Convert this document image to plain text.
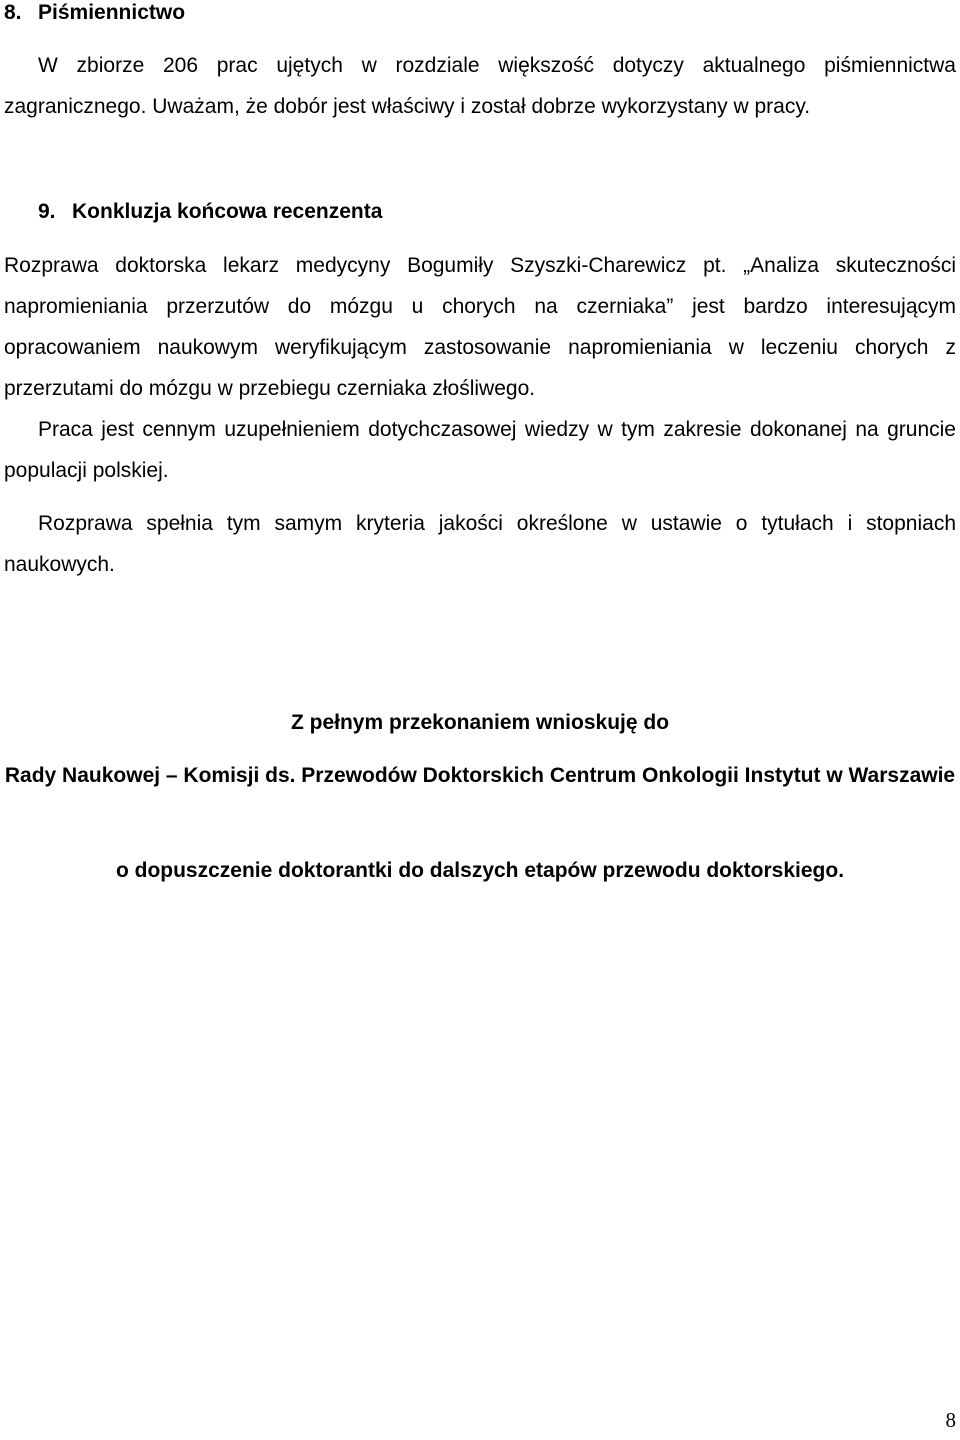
8. Piśmiennictwo

W zbiorze 206 prac ujętych w rozdziale większość dotyczy aktualnego piśmiennictwa zagranicznego. Uważam, że dobór jest właściwy i został dobrze wykorzystany w pracy.

9. Konkluzja końcowa recenzenta

Rozprawa doktorska lekarz medycyny Bogumiły Szyszki-Charewicz pt. „Analiza skuteczności napromieniania przerzutów do mózgu u chorych na czerniaka” jest bardzo interesującym opracowaniem naukowym weryfikującym zastosowanie napromieniania w leczeniu chorych z przerzutami do mózgu w przebiegu czerniaka złośliwego.

Praca jest cennym uzupełnieniem dotychczasowej wiedzy w tym zakresie dokonanej na gruncie populacji polskiej.

Rozprawa spełnia tym samym kryteria jakości określone w ustawie o tytułach i stopniach naukowych.

Z pełnym przekonaniem wnioskuję do

Rady Naukowej – Komisji ds. Przewodów Doktorskich Centrum Onkologii Instytut w Warszawie

o dopuszczenie doktorantki do dalszych etapów przewodu doktorskiego.

8
